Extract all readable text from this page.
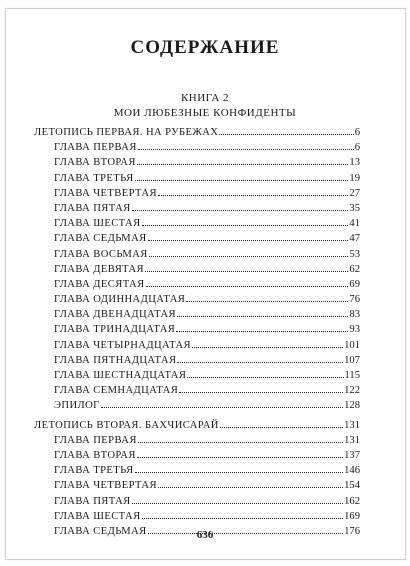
СОДЕРЖАНИЕ
КНИГА 2
МОИ ЛЮБЕЗНЫЕ КОНФИДЕНТЫ
ЛЕТОПИСЬ ПЕРВАЯ. НА РУБЕЖАХ	6
ГЛАВА ПЕРВАЯ	6
ГЛАВА ВТОРАЯ	13
ГЛАВА ТРЕТЬЯ	19
ГЛАВА ЧЕТВЕРТАЯ	27
ГЛАВА ПЯТАЯ	35
ГЛАВА ШЕСТАЯ	41
ГЛАВА СЕДЬМАЯ	47
ГЛАВА ВОСЬМАЯ	53
ГЛАВА ДЕВЯТАЯ	62
ГЛАВА ДЕСЯТАЯ	69
ГЛАВА ОДИННАДЦАТАЯ	76
ГЛАВА ДВЕНАДЦАТАЯ	83
ГЛАВА ТРИНАДЦАТАЯ	93
ГЛАВА ЧЕТЫРНАДЦАТАЯ	101
ГЛАВА ПЯТНАДЦАТАЯ	107
ГЛАВА ШЕСТНАДЦАТАЯ	115
ГЛАВА СЕМНАДЦАТАЯ	122
ЭПИЛОГ	128
ЛЕТОПИСЬ ВТОРАЯ. БАХЧИСАРАЙ	131
ГЛАВА ПЕРВАЯ	131
ГЛАВА ВТОРАЯ	137
ГЛАВА ТРЕТЬЯ	146
ГЛАВА ЧЕТВЕРТАЯ	154
ГЛАВА ПЯТАЯ	162
ГЛАВА ШЕСТАЯ	169
ГЛАВА СЕДЬМАЯ	176
636
